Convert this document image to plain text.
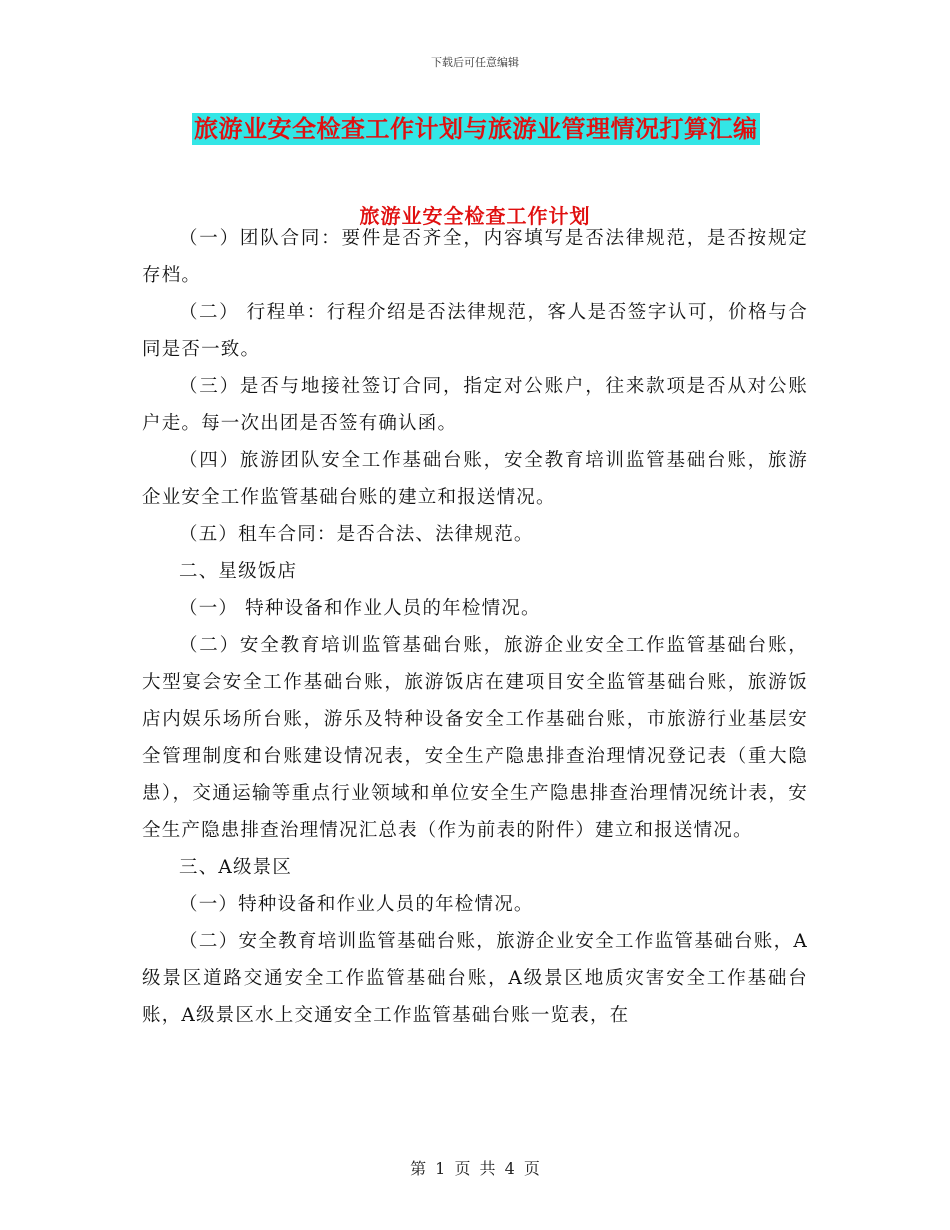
下载后可任意编辑
旅游业安全检查工作计划与旅游业管理情况打算汇编
旅游业安全检查工作计划

（一）团队合同：要件是否齐全，内容填写是否法律规范，是否按规定存档。

（二） 行程单：行程介绍是否法律规范，客人是否签字认可，价格与合同是否一致。

（三）是否与地接社签订合同，指定对公账户，往来款项是否从对公账户走。每一次出团是否签有确认函。

（四）旅游团队安全工作基础台账，安全教育培训监管基础台账，旅游企业安全工作监管基础台账的建立和报送情况。

（五）租车合同：是否合法、法律规范。

二、星级饭店

（一） 特种设备和作业人员的年检情况。

（二）安全教育培训监管基础台账，旅游企业安全工作监管基础台账，大型宴会安全工作基础台账，旅游饭店在建项目安全监管基础台账，旅游饭店内娱乐场所台账，游乐及特种设备安全工作基础台账，市旅游行业基层安全管理制度和台账建设情况表，安全生产隐患排查治理情况登记表（重大隐患），交通运输等重点行业领域和单位安全生产隐患排查治理情况统计表，安全生产隐患排查治理情况汇总表（作为前表的附件）建立和报送情况。

三、A级景区

（一）特种设备和作业人员的年检情况。

（二）安全教育培训监管基础台账，旅游企业安全工作监管基础台账，A级景区道路交通安全工作监管基础台账，A级景区地质灾害安全工作基础台账，A级景区水上交通安全工作监管基础台账一览表，在

第 1 页 共 4 页
